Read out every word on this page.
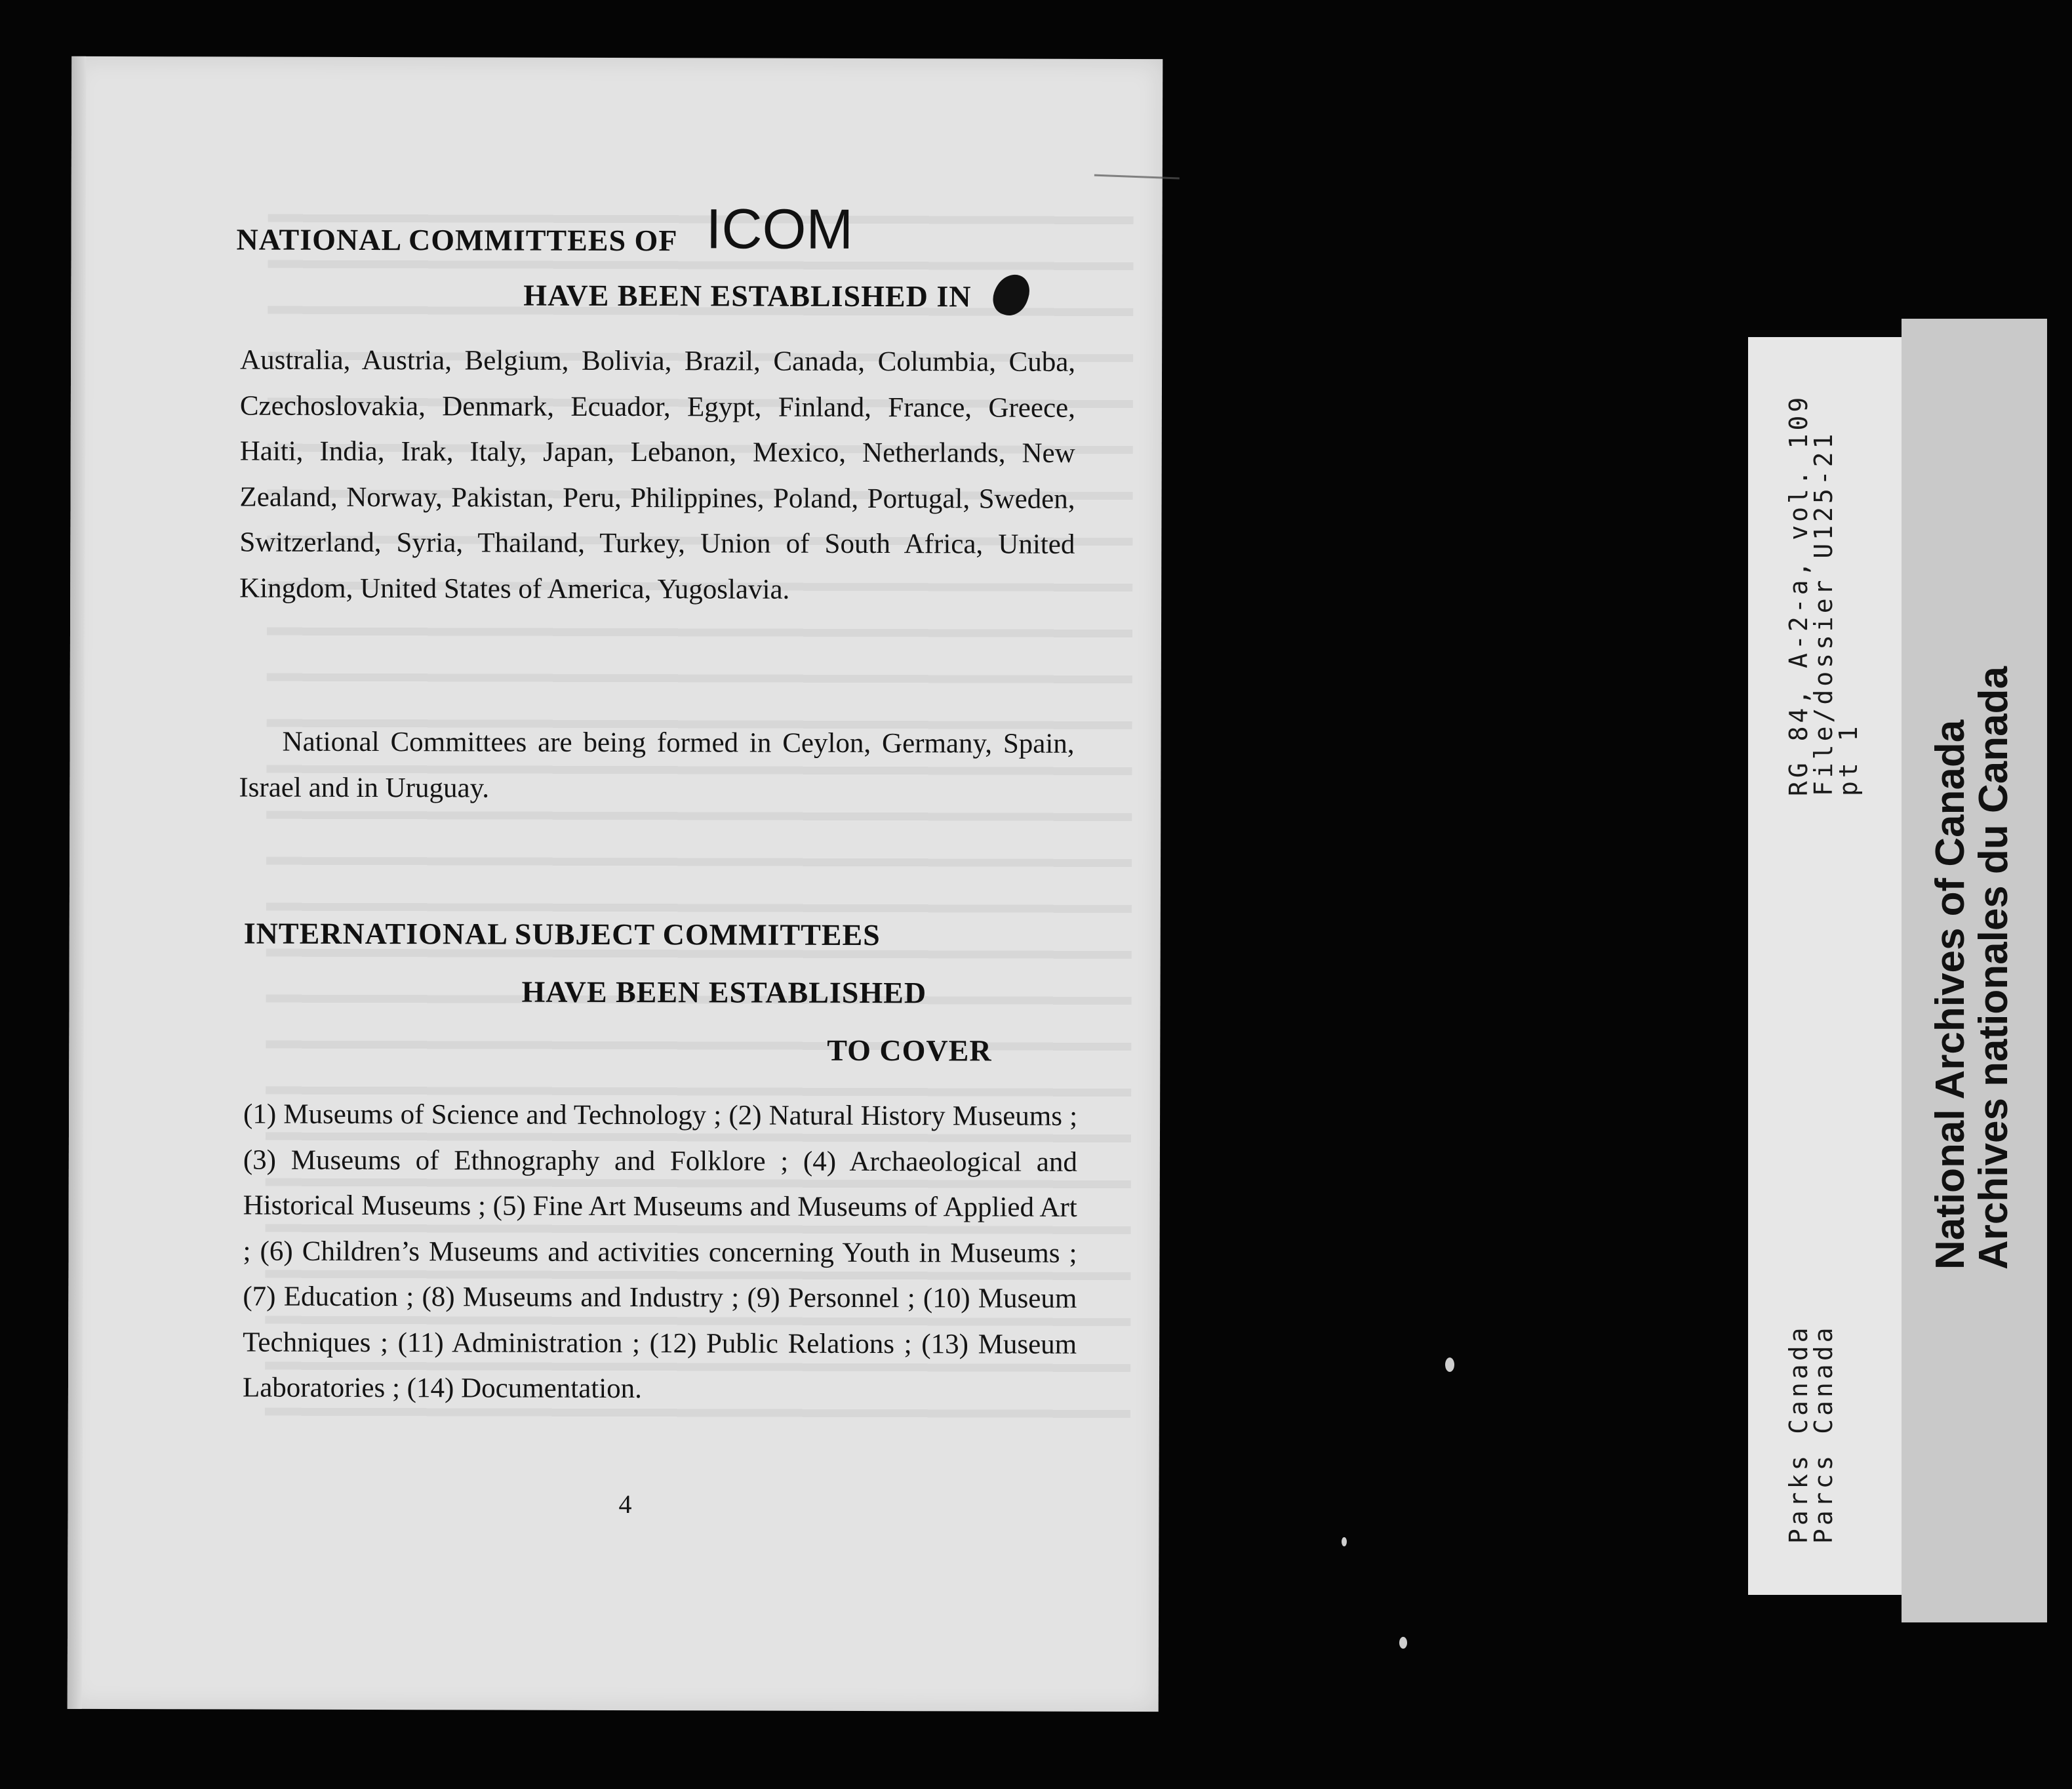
NATIONAL COMMITTEES OF ICOM
HAVE BEEN ESTABLISHED IN
Australia, Austria, Belgium, Bolivia, Brazil, Canada, Columbia, Cuba, Czechoslovakia, Denmark, Ecuador, Egypt, Finland, France, Greece, Haiti, India, Irak, Italy, Japan, Lebanon, Mexico, Netherlands, New Zealand, Norway, Pakistan, Peru, Philippines, Poland, Portugal, Sweden, Switzerland, Syria, Thailand, Turkey, Union of South Africa, United Kingdom, United States of America, Yugoslavia.
National Committees are being formed in Ceylon, Germany, Spain, Israel and in Uruguay.
INTERNATIONAL SUBJECT COMMITTEES
HAVE BEEN ESTABLISHED
TO COVER
(1) Museums of Science and Technology ; (2) Natural History Museums ; (3) Museums of Ethnography and Folklore ; (4) Archaeological and Historical Museums ; (5) Fine Art Museums and Museums of Applied Art ; (6) Children’s Museums and activities concerning Youth in Museums ; (7) Education ; (8) Museums and Industry ; (9) Personnel ; (10) Museum Techniques ; (11) Administration ; (12) Public Relations ; (13) Museum Laboratories ; (14) Documentation.
4
RG 84, A-2-a, vol. 109
File/dossier U125-21
pt 1
Parks Canada
Parcs Canada
National Archives of Canada
Archives nationales du Canada
